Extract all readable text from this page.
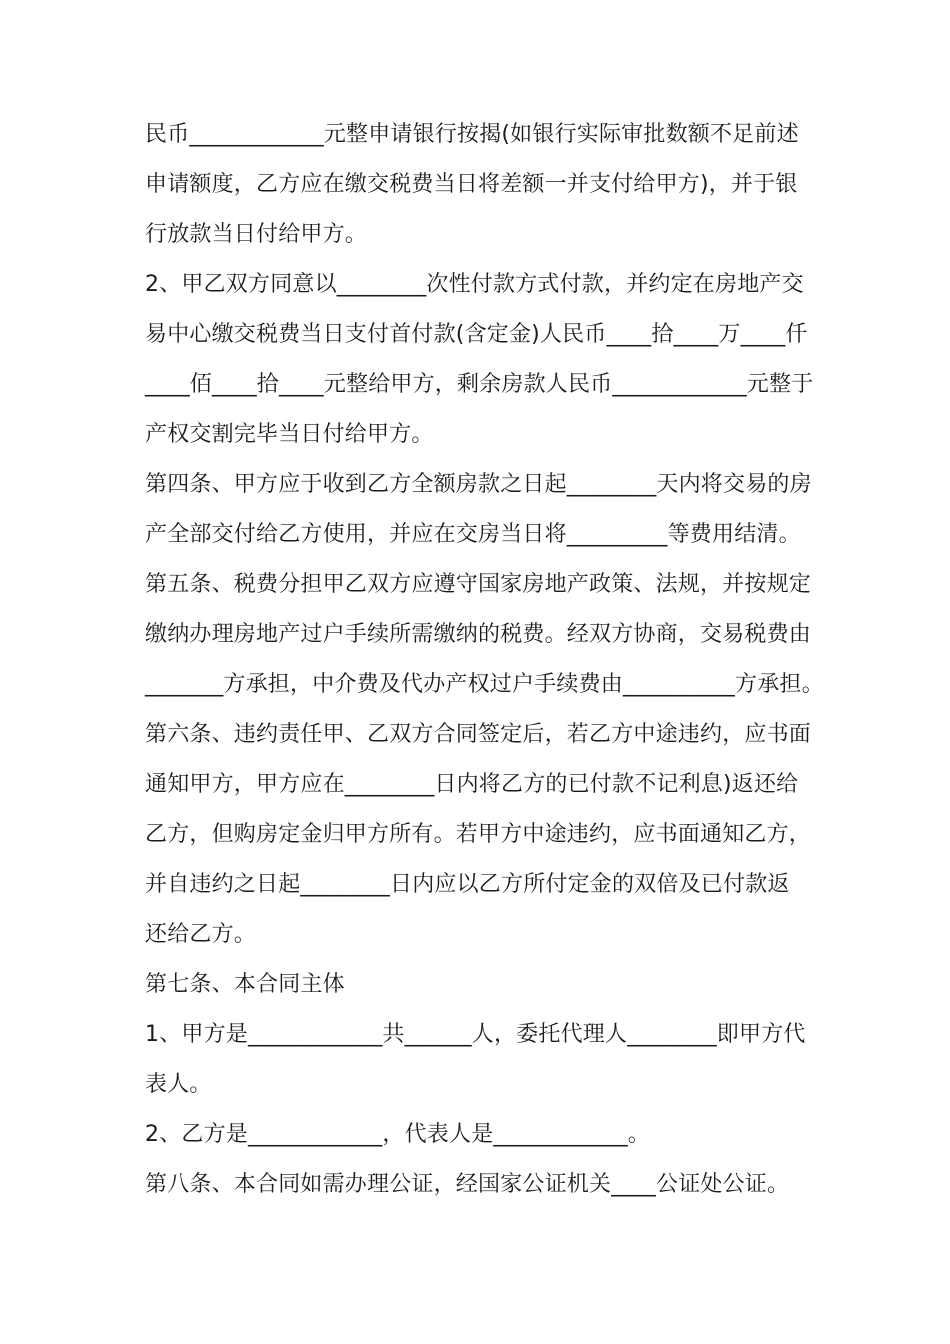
民币____________元整申请银行按揭(如银行实际审批数额不足前述
申请额度，乙方应在缴交税费当日将差额一并支付给甲方)，并于银
行放款当日付给甲方。
2、甲乙双方同意以________次性付款方式付款，并约定在房地产交
易中心缴交税费当日支付首付款(含定金)人民币____拾____万____仟
____佰____拾____元整给甲方，剩余房款人民币____________元整于
产权交割完毕当日付给甲方。
第四条、甲方应于收到乙方全额房款之日起________天内将交易的房
产全部交付给乙方使用，并应在交房当日将_________等费用结清。
第五条、税费分担甲乙双方应遵守国家房地产政策、法规，并按规定
缴纳办理房地产过户手续所需缴纳的税费。经双方协商，交易税费由
_______方承担，中介费及代办产权过户手续费由__________方承担。
第六条、违约责任甲、乙双方合同签定后，若乙方中途违约，应书面
通知甲方，甲方应在________日内将乙方的已付款不记利息)返还给
乙方，但购房定金归甲方所有。若甲方中途违约，应书面通知乙方，
并自违约之日起________日内应以乙方所付定金的双倍及已付款返
还给乙方。
第七条、本合同主体
1、甲方是____________共______人，委托代理人________即甲方代
表人。
2、乙方是____________，代表人是____________。
第八条、本合同如需办理公证，经国家公证机关____公证处公证。
